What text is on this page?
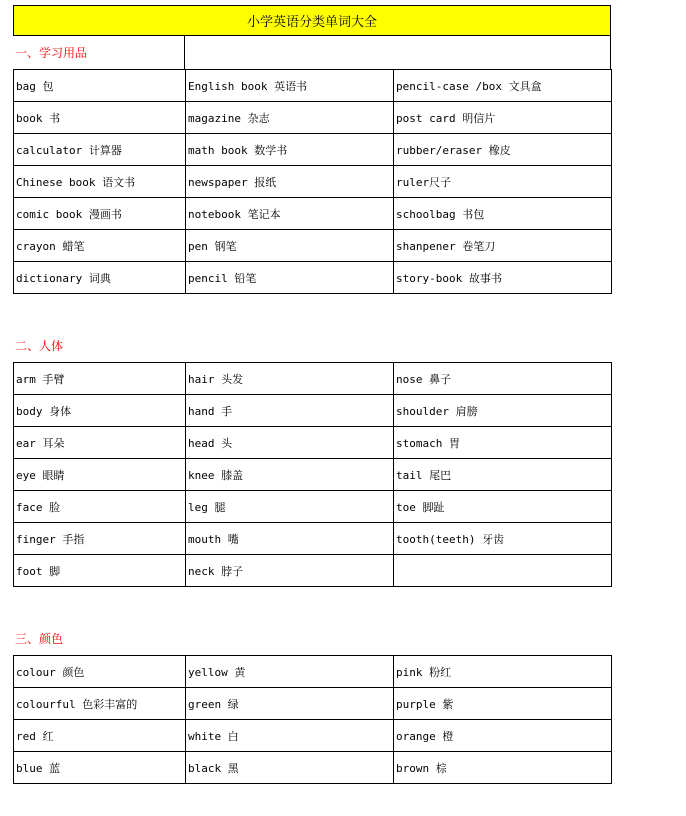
小学英语分类单词大全
一、学习用品
bag 包	English book 英语书	pencil-case /box 文具盒
book 书	magazine 杂志	post card 明信片
calculator 计算器	math book 数学书	rubber/eraser 橡皮
Chinese book 语文书	newspaper 报纸	ruler尺子
comic book 漫画书	notebook 笔记本	schoolbag 书包
crayon 蜡笔	pen 钢笔	shanpener 卷笔刀
dictionary 词典	pencil 铅笔	story-book 故事书
二、人体
arm 手臂	hair 头发	nose 鼻子
body 身体	hand 手	shoulder 肩膀
ear 耳朵	head 头	stomach 胃
eye 眼睛	knee 膝盖	tail 尾巴
face 脸	leg 腿	toe 脚趾
finger 手指	mouth 嘴	tooth(teeth) 牙齿
foot 脚	neck 脖子	
三、颜色
colour 颜色	yellow 黄	pink 粉红
colourful 色彩丰富的	green 绿	purple 紫
red 红	white 白	orange 橙
blue 蓝	black 黑	brown 棕
